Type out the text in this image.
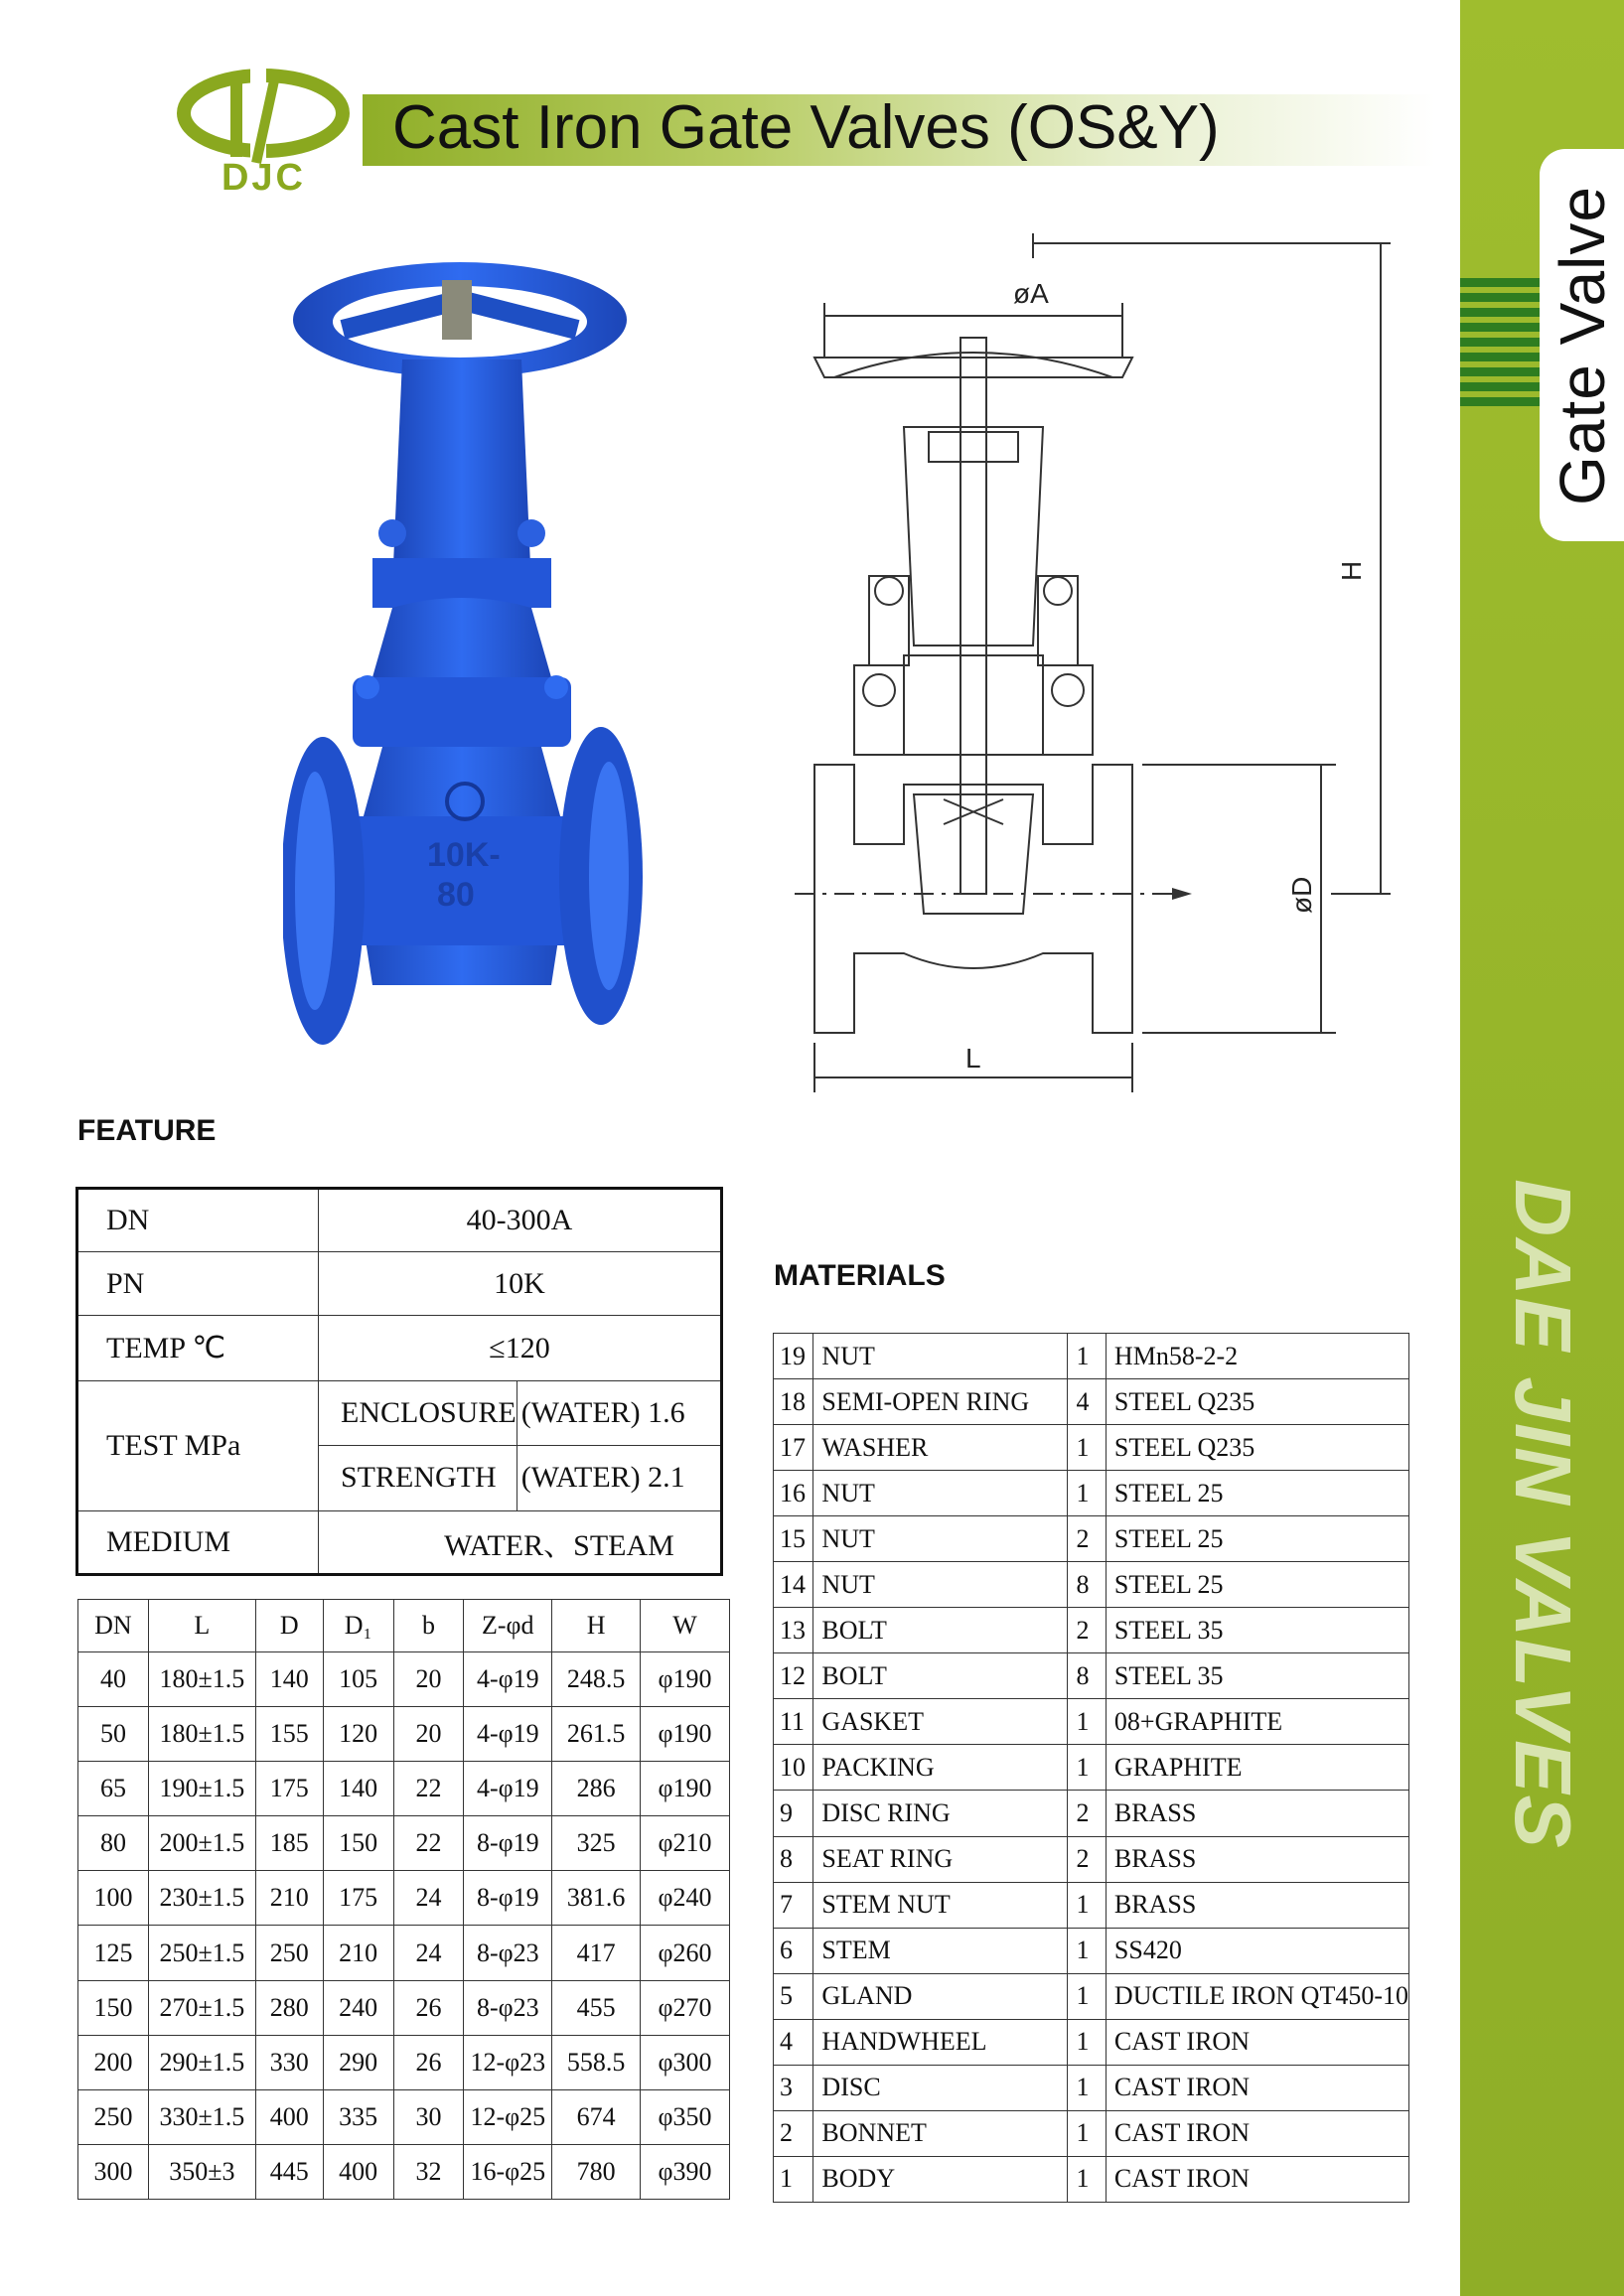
Gate Valve
DAE JIN VALVES
DJC
Cast Iron Gate Valves (OS&Y)
10K-
80
øA
H
øD
L
FEATURE
DN	40-300A	
PN	10K	
TEMP ℃	≤120	
TEST MPa	ENCLOSURE	(WATER) 1.6
	STRENGTH	(WATER) 2.1
MEDIUM	WATER、STEAM	
DN	L	D	D₁	b	Z-φd	H	W
40	180±1.5	140	105	20	4-φ19	248.5	φ190
50	180±1.5	155	120	20	4-φ19	261.5	φ190
65	190±1.5	175	140	22	4-φ19	286	φ190
80	200±1.5	185	150	22	8-φ19	325	φ210
100	230±1.5	210	175	24	8-φ19	381.6	φ240
125	250±1.5	250	210	24	8-φ23	417	φ260
150	270±1.5	280	240	26	8-φ23	455	φ270
200	290±1.5	330	290	26	12-φ23	558.5	φ300
250	330±1.5	400	335	30	12-φ25	674	φ350
300	350±3	445	400	32	16-φ25	780	φ390
MATERIALS
19	NUT	1	HMn58-2-2
18	SEMI-OPEN RING	4	STEEL Q235
17	WASHER	1	STEEL Q235
16	NUT	1	STEEL 25
15	NUT	2	STEEL 25
14	NUT	8	STEEL 25
13	BOLT	2	STEEL 35
12	BOLT	8	STEEL 35
11	GASKET	1	08+GRAPHITE
10	PACKING	1	GRAPHITE
9	DISC RING	2	BRASS
8	SEAT RING	2	BRASS
7	STEM NUT	1	BRASS
6	STEM	1	SS420
5	GLAND	1	DUCTILE IRON QT450-10
4	HANDWHEEL	1	CAST IRON
3	DISC	1	CAST IRON
2	BONNET	1	CAST IRON
1	BODY	1	CAST IRON
